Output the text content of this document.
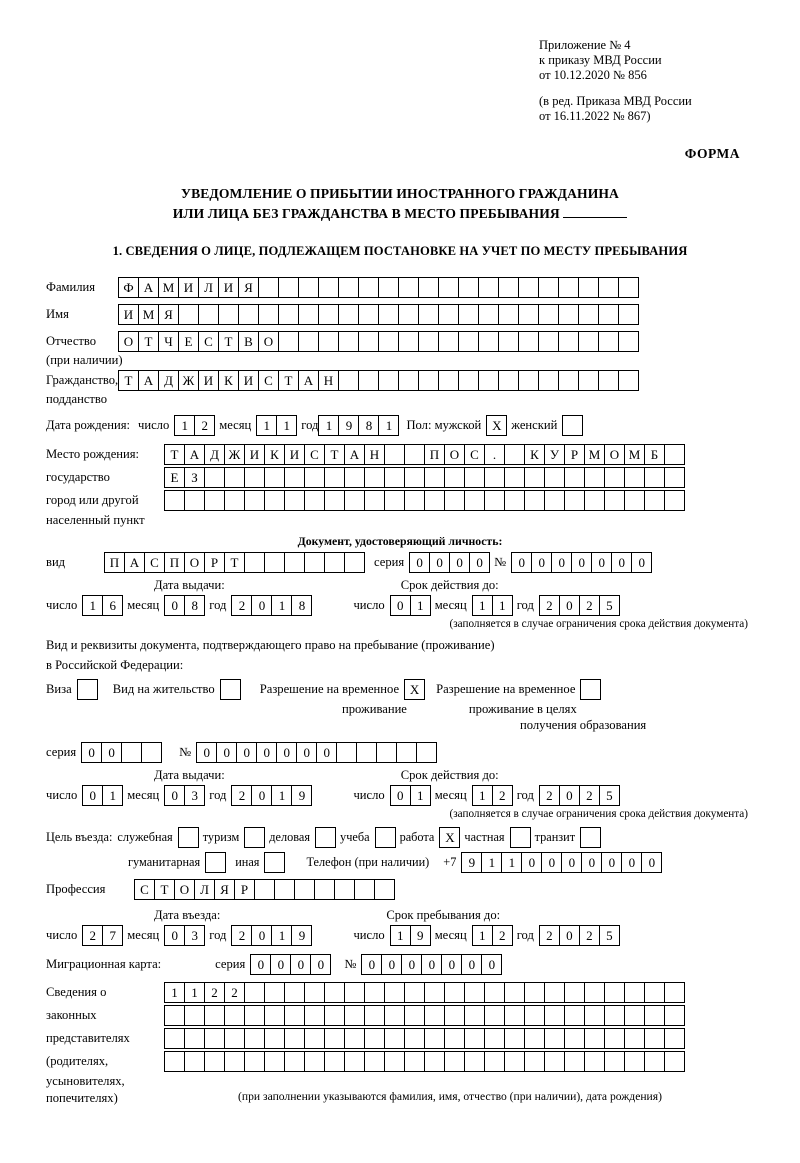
Приложение № 4
к приказу МВД России
от 10.12.2020 № 856
(в ред. Приказа МВД России
от 16.11.2022 № 867)
ФОРМА
УВЕДОМЛЕНИЕ О ПРИБЫТИИ ИНОСТРАННОГО ГРАЖДАНИНА
ИЛИ ЛИЦА БЕЗ ГРАЖДАНСТВА В МЕСТО ПРЕБЫВАНИЯ
1. СВЕДЕНИЯ О ЛИЦЕ, ПОДЛЕЖАЩЕМ ПОСТАНОВКЕ НА УЧЕТ ПО МЕСТУ ПРЕБЫВАНИЯ
Фамилия	Ф А М И Л И Я
Имя	И М Я
Отчество	О Т Ч Е С Т В О
(при наличии)
Гражданство, Т А Д Ж И К И С Т А Н
подданство
Дата рождения: число 1	2 месяц 1	1 год 1	9	8	1	Пол: мужской Х женский
Место рождения:	Т А Д Ж И К И С Т А Н	П О С	.	К У Р М О М Б
государство	Е З
город или другой
населенный пункт
Документ, удостоверяющий личность:
вид	П А С П О Р Т	серия 0	0	0	0 № 0	0	0	0	0	0	0
Дата выдачи:	Срок действия до:
число 1	6 месяц 0	8 год 2	0	1	8	число 0	1 месяц 1	1 год 2	0	2	5
(заполняется в случае ограничения срока действия документа)
Вид и реквизиты документа, подтверждающего право на пребывание (проживание)
в Российской Федерации:
Виза	Вид на жительство	Разрешение на временное Х	Разрешение на временное
проживание	проживание в целях
получения образования
серия 0	0	№ 0	0	0	0	0	0	0
Дата выдачи:	Срок действия до:
число 0	1 месяц 0	3 год 2	0	1	9	число 0	1 месяц 1	2 год 2	0	2	5
(заполняется в случае ограничения срока действия документа)
Цель въезда: служебная туризм деловая учеба работа Х частная транзит
гуманитарная	иная	Телефон (при наличии) +7 9	1	1	0	0	0	0	0	0	0
Профессия	С Т О Л Я Р
Дата въезда:	Срок пребывания до:
число 2	7 месяц 0	3 год 2	0	1	9	число 1	9 месяц 1	2 год 2	0	2	5
Миграционная карта:	серия 0	0	0	0	№ 0	0	0	0	0	0	0
Сведения о	1	1	2	2
законных
представителях
(родителях,
усыновителях,
попечителях)	(при заполнении указываются фамилия, имя, отчество (при наличии), дата рождения)
